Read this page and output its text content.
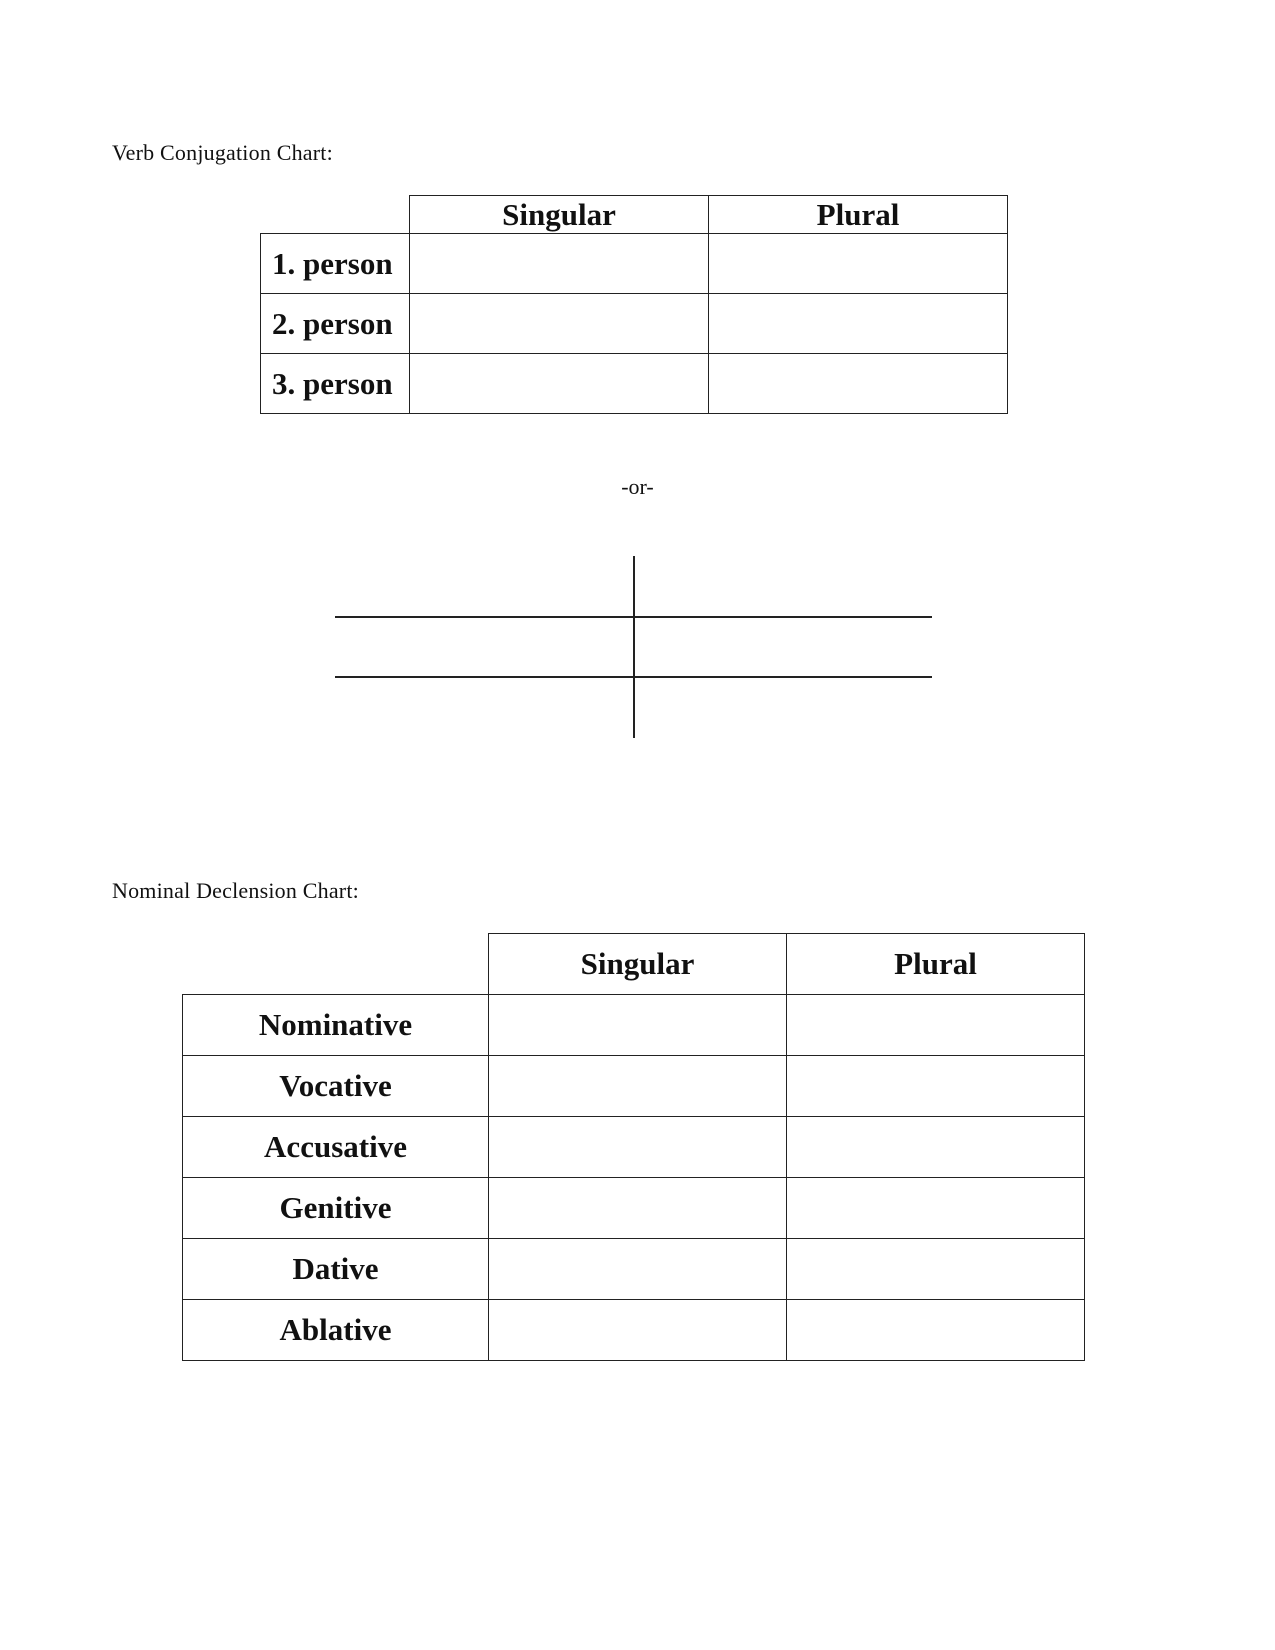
Verb Conjugation Chart:

	Singular	Plural
1. person		
2. person		
3. person		

-or-

Nominal Declension Chart:

	Singular	Plural
Nominative		
Vocative		
Accusative		
Genitive		
Dative		
Ablative		
